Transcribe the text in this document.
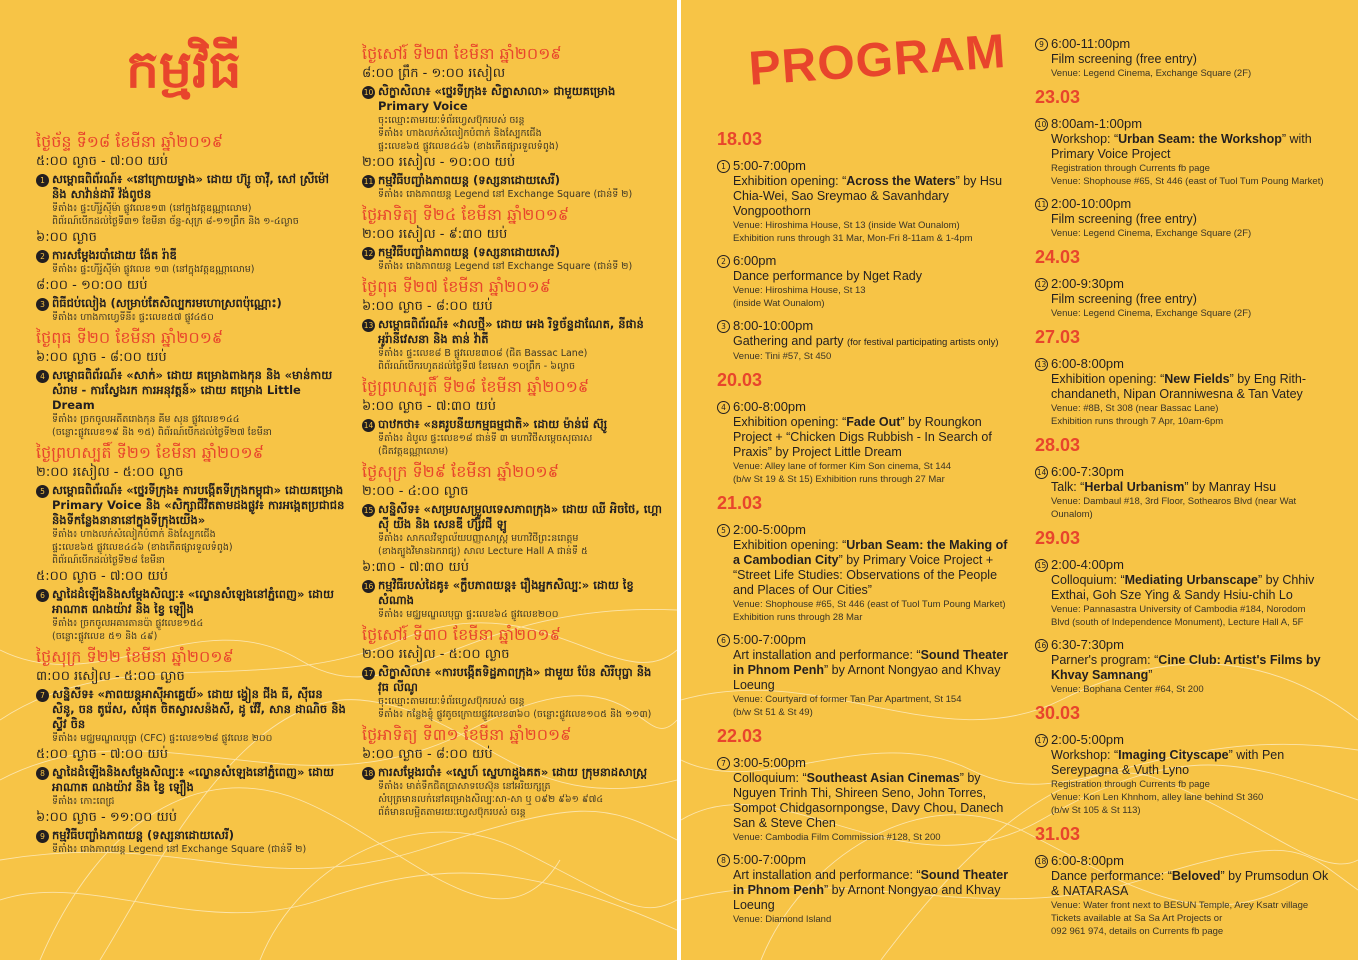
កម្មវិធី
ថ្ងៃច័ន្ទ ទី១៨ ខែមីនា ឆ្នាំ២០១៩
៥:០០ ល្ងាច - ៧:០០ យប់
1 សម្ពោធពិព័រណ៍៖ «នៅក្រោយម្ខាង» ដោយ ហ៊្សូ ចាវ៉ី, សៅ ស្រីម៉ៅ និង សាវ៉ាន់ដារី វ៉ង់ពូថន
ទីតាំង៖ ផ្ទះហ៊ីរ៉ូស៊ីម៉ា ផ្លូវលេខ១៣ (នៅក្នុងវត្តឧណ្ណាលោម)
ពិព័រណ៍បើកដល់ថ្ងៃទី៣១ ខែមីនា ច័ន្ទ-សុក្រ ៨-១១ព្រឹក និង ១-៤ល្ងាច
៦:០០ ល្ងាច
2 ការសម្ដែងរបាំដោយ ង៉ែត រ៉ាឌី
ទីតាំង៖ ផ្ទះហ៊ីរ៉ូស៊ីម៉ា ផ្លូវលេខ ១៣ (នៅក្នុងវត្តឧណ្ណាលោម)
៨:០០ - ១០:០០ យប់
3 ពិធីជប់លៀង (សម្រាប់តែសិល្បករមហោស្រពប៉ុណ្ណោះ)
ទីតាំង៖ ហាងកាហ្វេទីនី៖ ផ្ទះលេខ៥៧ ផ្លូវ៤៥០
ថ្ងៃពុធ ទី២០ ខែមីនា ឆ្នាំ២០១៩
៦:០០ ល្ងាច - ៨:០០ យប់
4 សម្ពោធពិព័រណ៍៖ «សាក់» ដោយ គម្រោងពាងកុន និង «មាន់កាយសំរាម - ការស្វែងរក ការអនុវត្តន៍» ដោយ គម្រោង Little Dream
ទីតាំង៖ ច្រកចូលអតីតរោងកុន គីម សុន ផ្លូវលេខ១៤៤
(ចន្លោះផ្លូវលេខ១៩ និង ១៥) ពិព័រណ៍បើកដល់ថ្ងៃទី២៧ ខែមីនា
ថ្ងៃព្រហស្បតិ៍ ទី២១ ខែមីនា ឆ្នាំ២០១៩
២:០០ រសៀល - ៥:០០ ល្ងាច
5 សម្ពោធពិព័រណ៍៖ «ថ្នេរទីក្រុង៖ ការបង្កើតទីក្រុងកម្ពុជា» ដោយគម្រោង Primary Voice និង «សិក្សាជីវិតតាមដងផ្លូវ៖ ការអង្កេតប្រជាជន និងទីកន្លែងនានានៅក្នុងទីក្រុងយើង»
ទីតាំង៖ ហាងលក់សំលៀកបំពាក់ និងស្បែកជើង
ផ្ទះលេខ៦៥ ផ្លូវលេខ៤៤៦ (ខាងកើតផ្សារទួលទំពូង)
ពិព័រណ៍បើកដល់ថ្ងៃទី២៨ ខែមីនា
៥:០០ ល្ងាច - ៧:០០ យប់
6 ស្នាដៃដំឡើងនិងសម្ដែងសិល្បៈ៖ «ល្ខោនសំឡេងនៅភ្នំពេញ» ដោយ អាណាត ណងយ៉ាវ និង ខ្វៃ ឡឿង
ទីតាំង៖ ច្រកចូលអគារតានប៉ា ផ្លូវលេខ១៥៤
(ចន្លោះផ្លូវលេខ ៥១ និង ៤៩)
ថ្ងៃសុក្រ ទី២២ ខែមីនា ឆ្នាំ២០១៩
៣:០០ រសៀល - ៥:០០ ល្ងាច
7 សន្និសីទ៖ «ភាពយន្តអាស៊ីអាគ្នេយ៍» ដោយ ង្វៀន ជីង ធី, ស៊ីរេន សិនូ, ចន តូរ៉េស, សំផុត ចិតស្វារសន៉ងសី, ដូ វ៉េវី, សាន ដាណិច និង ស្ទីវ ចិន
ទីតាំង៖ មជ្ឈមណ្ឌលបុប្ផា (CFC) ផ្ទះលេខ១២៨ ផ្លូវលេខ ២០០
៥:០០ ល្ងាច - ៧:០០ យប់
8 ស្នាដៃដំឡើងនិងសម្ដែងសិល្បៈ៖ «ល្ខោនសំឡេងនៅភ្នំពេញ» ដោយ អាណាត ណងយ៉ាវ និង ខ្វៃ ឡឿង
ទីតាំង៖ កោះពេជ្រ
៦:០០ ល្ងាច - ១១:០០ យប់
9 កម្មវិធីបញ្ចាំងភាពយន្ត (ទស្សនាដោយសេរី)
ទីតាំង៖ រោងភាពយន្ត Legend នៅ Exchange Square (ជាន់ទី ២)
ថ្ងៃសៅរ៍ ទី២៣ ខែមីនា ឆ្នាំ២០១៩
៨:០០ ព្រឹក - ១:០០ រសៀល
10 សិក្ខាសិលា៖ «ថ្នេរទីក្រុង៖ សិក្ខាសាលា» ជាមួយគម្រោង Primary Voice
ចុះឈ្មោះតាមរយៈទំព័រហ្វេសប៊ុករបស់ ចរន្ត
ទីតាំង៖ ហាងលក់សំលៀកបំពាក់ និងស្បែកជើង
ផ្ទះលេខ៦៥ ផ្លូវលេខ៤៤៦ (ខាងកើតផ្សារទួលទំពូង)
២:០០ រសៀល - ១០:០០ យប់
11 កម្មវិធីបញ្ចាំងភាពយន្ត (ទស្សនាដោយសេរី)
ទីតាំង៖ រោងភាពយន្ត Legend នៅ Exchange Square (ជាន់ទី ២)
ថ្ងៃអាទិត្យ ទី២៤ ខែមីនា ឆ្នាំ២០១៩
២:០០ រសៀល - ៩:៣០ យប់
12 កម្មវិធីបញ្ចាំងភាពយន្ត (ទស្សនាដោយសេរី)
ទីតាំង៖ រោងភាពយន្ត Legend នៅ Exchange Square (ជាន់ទី ២)
ថ្ងៃពុធ ទី២៧ ខែមីនា ឆ្នាំ២០១៩
៦:០០ ល្ងាច - ៨:០០ យប់
13 សម្ពោធពិព័រណ៍៖ «វាលថ្មី» ដោយ អេង រិទ្ធច័ន្ទដាណែត, នីផាន់ អូរ៉ានីវេសនា និង តាន់ វ៉ាតី
ទីតាំង៖ ផ្ទះលេខ៨ B ផ្លូវលេខ៣០៨ (ជិត Bassac Lane)
ពិព័រណ៍បើករហូតដល់ថ្ងៃទី៧ ខែមេសា ១០ព្រឹក - ៦ល្ងាច
ថ្ងៃព្រហស្បតិ៍ ទី២៨ ខែមីនា ឆ្នាំ២០១៩
៦:០០ ល្ងាច - ៧:៣០ យប់
14 បាឋកថា៖ «នគរូបនីយកម្មធម្មជាតិ» ដោយ ម៉ាន់រ៉េ ស៊្សូ
ទីតាំង៖ ដំបូល ផ្ទះលេខ១៨ ជាន់ទី ៣ មហាវិថីសម្ដេចសុធារស
(ជិតវត្តឧណ្ណាលោម)
ថ្ងៃសុក្រ ទី២៩ ខែមីនា ឆ្នាំ២០១៩
២:០០ - ៤:០០ ល្ងាច
15 សន្និសីទ៖ «សម្របសម្រួលទេសភាពក្រុង» ដោយ ឈី អិចថៃ, ហ្គោ ស៊ី យីង និង សេនឌី ហ៊្សីវជី ឡូ
ទីតាំង៖ សាកលវិទ្យាល័យបញ្ញាសាស្ត្រ មហាវិថីព្រះនរោត្តម
(ខាងត្បូងវិមានឯករាជ្យ) សាល Lecture Hall A ជាន់ទី ៥
៦:៣០ - ៧:៣០ យប់
16 កម្មវិធីរបស់ដៃគូ៖ «ក្លឹបភាពយន្ត៖ រឿងអ្នកសិល្បៈ» ដោយ ខ្វៃ សំណាង
ទីតាំង៖ មជ្ឈមណ្ឌលបុប្ផា ផ្ទះលេខ៦៤ ផ្លូវលេខ២០០
ថ្ងៃសៅរ៍ ទី៣០ ខែមីនា ឆ្នាំ២០១៩
២:០០ រសៀល - ៥:០០ ល្ងាច
17 សិក្ខាសិលា៖ «ការបង្កើតទិដ្ឋភាពក្រុង» ជាមួយ ប៉ែន សិរីបុប្ផា និង វុធ លីណូ
ចុះឈ្មោះតាមរយៈទំព័រហ្វេសប៊ុករបស់ ចរន្ត
ទីតាំង៖ កន្លែងខ្ញុំ ផ្លូវតូចក្រោយផ្លូវលេខ៣៦០ (ចន្លោះផ្លូវលេខ១០៥ និង ១១៣)
ថ្ងៃអាទិត្យ ទី៣១ ខែមីនា ឆ្នាំ២០១៩
៦:០០ ល្ងាច - ៨:០០ យប់
18 ការសម្ដែងរបាំ៖ «ស្នេហ៍ ស្នេហាដួងគត» ដោយ ក្រុមនាដសាស្ត្រ
ទីតាំង៖ មាត់ទឹកជិតប្រាសាទបេស៊ុន នៅអរិយក្សត្រ
សំបុត្រមានលក់នៅគម្រោងសិល្បៈសា-សា ឬ ០៩២ ៩៦១ ៩៧៤
ព័ត៌មានលម្អិតតាមរយៈហ្វេសប៊ុករបស់ ចរន្ត
PROGRAM
18.03
1 5:00-7:00pm
Exhibition opening: “Across the Waters” by Hsu Chia-Wei, Sao Sreymao & Savanhdary Vongpoothorn
Venue: Hiroshima House, St 13 (inside Wat Ounalom)
Exhibition runs through 31 Mar, Mon-Fri 8-11am & 1-4pm
2 6:00pm
Dance performance by Nget Rady
Venue: Hiroshima House, St 13
(inside Wat Ounalom)
3 8:00-10:00pm
Gathering and party (for festival participating artists only)
Venue: Tini #57, St 450
20.03
4 6:00-8:00pm
Exhibition opening: “Fade Out” by Roungkon Project + “Chicken Digs Rubbish - In Search of Praxis” by Project Little Dream
Venue: Alley lane of former Kim Son cinema, St 144
(b/w St 19 & St 15) Exhibition runs through 27 Mar
21.03
5 2:00-5:00pm
Exhibition opening: “Urban Seam: the Making of a Cambodian City” by Primary Voice Project + “Street Life Studies: Observations of the People and Places of Our Cities”
Venue: Shophouse #65, St 446 (east of Tuol Tum Poung Market)
Exhibition runs through 28 Mar
6 5:00-7:00pm
Art installation and performance: “Sound Theater in Phnom Penh” by Arnont Nongyao and Khvay Loeung
Venue: Courtyard of former Tan Par Apartment, St 154
(b/w St 51 & St 49)
22.03
7 3:00-5:00pm
Colloquium: “Southeast Asian Cinemas” by Nguyen Trinh Thi, Shireen Seno, John Torres, Sompot Chidgasornpongse, Davy Chou, Danech San & Steve Chen
Venue: Cambodia Film Commission #128, St 200
8 5:00-7:00pm
Art installation and performance: “Sound Theater in Phnom Penh” by Arnont Nongyao and Khvay Loeung
Venue: Diamond Island
9 6:00-11:00pm
Film screening (free entry)
Venue: Legend Cinema, Exchange Square (2F)
23.03
10 8:00am-1:00pm
Workshop: “Urban Seam: the Workshop” with Primary Voice Project
Registration through Currents fb page
Venue: Shophouse #65, St 446 (east of Tuol Tum Poung Market)
11 2:00-10:00pm
Film screening (free entry)
Venue: Legend Cinema, Exchange Square (2F)
24.03
12 2:00-9:30pm
Film screening (free entry)
Venue: Legend Cinema, Exchange Square (2F)
27.03
13 6:00-8:00pm
Exhibition opening: “New Fields” by Eng Rith-chandaneth, Nipan Oranniwesna & Tan Vatey
Venue: #8B, St 308 (near Bassac Lane)
Exhibition runs through 7 Apr, 10am-6pm
28.03
14 6:00-7:30pm
Talk: “Herbal Urbanism” by Manray Hsu
Venue: Dambaul #18, 3rd Floor, Sothearos Blvd (near Wat Ounalom)
29.03
15 2:00-4:00pm
Colloquium: “Mediating Urbanscape” by Chhiv Exthai, Goh Sze Ying & Sandy Hsiu-chih Lo
Venue: Pannasastra University of Cambodia #184, Norodom
Blvd (south of Independence Monument), Lecture Hall A, 5F
16 6:30-7:30pm
Parner's program: “Cine Club: Artist's Films by Khvay Samnang”
Venue: Bophana Center #64, St 200
30.03
17 2:00-5:00pm
Workshop: “Imaging Cityscape” with Pen Sereypagna & Vuth Lyno
Registration through Currents fb page
Venue: Kon Len Khnhom, alley lane behind St 360
(b/w St 105 & St 113)
31.03
18 6:00-8:00pm
Dance performance: “Beloved” by Prumsodun Ok & NATARASA
Venue: Water front next to BESUN Temple, Arey Ksatr village
Tickets available at Sa Sa Art Projects or
092 961 974, details on Currents fb page
